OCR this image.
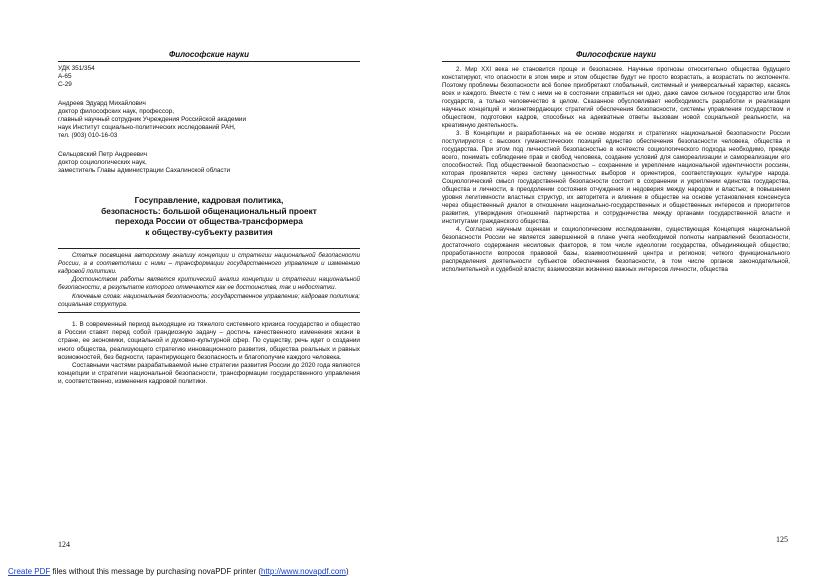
Философские науки
УДК 351/354
А-65
С-29
Андреев Эдуард Михайлович
доктор философских наук, профессор,
главный научный сотрудник Учреждения Российской академии
наук Институт социально-политических исследований РАН,
тел. (903) 010-16-03
Сельцовский Петр Андреевич
доктор социологических наук,
заместитель Главы администрации Сахалинской области
Госуправление, кадровая политика,
безопасность: большой общенациональный проект
перехода России от общества-трансформера
к обществу-субъекту развития

Статья посвящена авторскому анализу концепции и стратегии национальной безопасности России, а в соответствии с ними – трансформации государственного управления и изменению кадровой политики.

Достоинством работы является критический анализ концепции и стратегии национальной безопасности, в результате которого отмечаются как ее достоинства, так и недостатки.

Ключевые слова: национальная безопасность; государственное управление; кадровая политика; социальная структура.

1. В современный период выходящие из тяжелого системного кризиса государство и общество в России ставят перед собой грандиозную задачу – достичь качественного изменения жизни в стране, ее экономики, социальной и духовно-культурной сфер. По существу, речь идет о создании иного общества, реализующего стратегию инновационного развития, общества реальных и равных возможностей, без бедности, гарантирующего безопасность и благополучие каждого человека.

Составными частями разрабатываемой ныне стратегии развития России до 2020 года являются концепции и стратегии национальной безопасности, трансформации государственного управления и, соответственно, изменения кадровой политики.

124
Философские науки

2. Мир XXI века не становится проще и безопаснее. Научные прогнозы относительно общества будущего констатируют, что опасности в этом мире и этом обществе будут не просто возрастать, а возрастать по экспоненте. Поэтому проблемы безопасности всё более приобретают глобальный, системный и универсальный характер, касаясь всех и каждого. Вместе с тем с ними не в состоянии справиться ни одно, даже самое сильное государство или блок государств, а только человечество в целом. Сказанное обусловливает необходимость разработки и реализации научных концепций и жизнетвердающих стратегий обеспечения безопасности, системы управления государством и обществом, подготовки кадров, способных на адекватные ответы вызовам новой социальной реальности, на креативную деятельность.

3. В Концепции и разработанных на ее основе моделях и стратегиях национальной безопасности России постулируются с высоких гуманистических позиций единство обеспечения безопасности человека, общества и государства. При этом под личностной безопасностью в контексте социологического подхода необходимо, прежде всего, понимать соблюдение прав и свобод человека, создание условий для самореализации и самореализации его способностей. Под общественной безопасностью – сохранение и укрепление национальной идентичности россиян, которая проявляется через систему ценностных выборов и ориентиров, соответствующих культуре народа. Социологический смысл государственной безопасности состоит в сохранении и укреплении единства государства, общества и личности, в преодолении состояния отчуждения и недоверия между народом и властью; в повышении уровня легитимности властных структур, их авторитета и влияния в обществе на основе установления консенсуса через общественный диалог в отношении национально-государственных и общественных интересов и приоритетов развития, утверждения отношений партнерства и сотрудничества между органами государственной власти и институтами гражданского общества.

4. Согласно научным оценкам и социологическим исследованиям, существующая Концепция национальной безопасности России не является завершенной в плане учета необходимой полноты направлений безопасности, достаточного содержания несиловых факторов, в том числе идеологии государства, объединяющей общество; проработанности вопросов правовой базы, взаимоотношений центра и регионов; четкого функционального распределения деятельности субъектов обеспечения безопасности, в том числе органов законодательной, исполнительной и судебной власти; взаимосвязи жизненно важных интересов личности, общества

125
Create PDF files without this message by purchasing novaPDF printer (http://www.novapdf.com)
